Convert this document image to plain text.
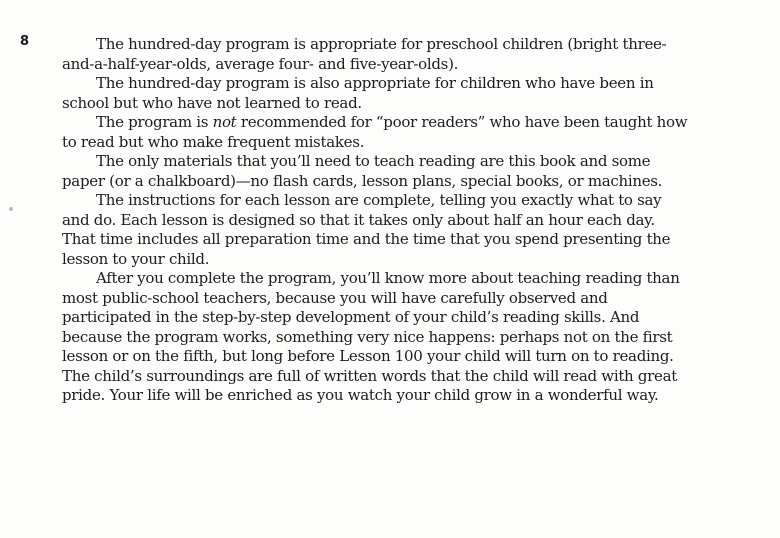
8	The hundred-day program is appropriate for preschool children (bright three-
and-a-half-year-olds, average four- and five-year-olds).

The hundred-day program is also appropriate for children who have been in
school but who have not learned to read.

The program is not recommended for “poor readers” who have been taught how
to read but who make frequent mistakes.

The only materials that you’ll need to teach reading are this book and some
paper (or a chalkboard)—no flash cards, lesson plans, special books, or machines.

The instructions for each lesson are complete, telling you exactly what to say
and do. Each lesson is designed so that it takes only about half an hour each day.
That time includes all preparation time and the time that you spend presenting the
lesson to your child.

After you complete the program, you’ll know more about teaching reading than
most public-school teachers, because you will have carefully observed and
participated in the step-by-step development of your child’s reading skills. And
because the program works, something very nice happens: perhaps not on the first
lesson or on the fifth, but long before Lesson 100 your child will turn on to reading.
The child’s surroundings are full of written words that the child will read with great
pride. Your life will be enriched as you watch your child grow in a wonderful way.
